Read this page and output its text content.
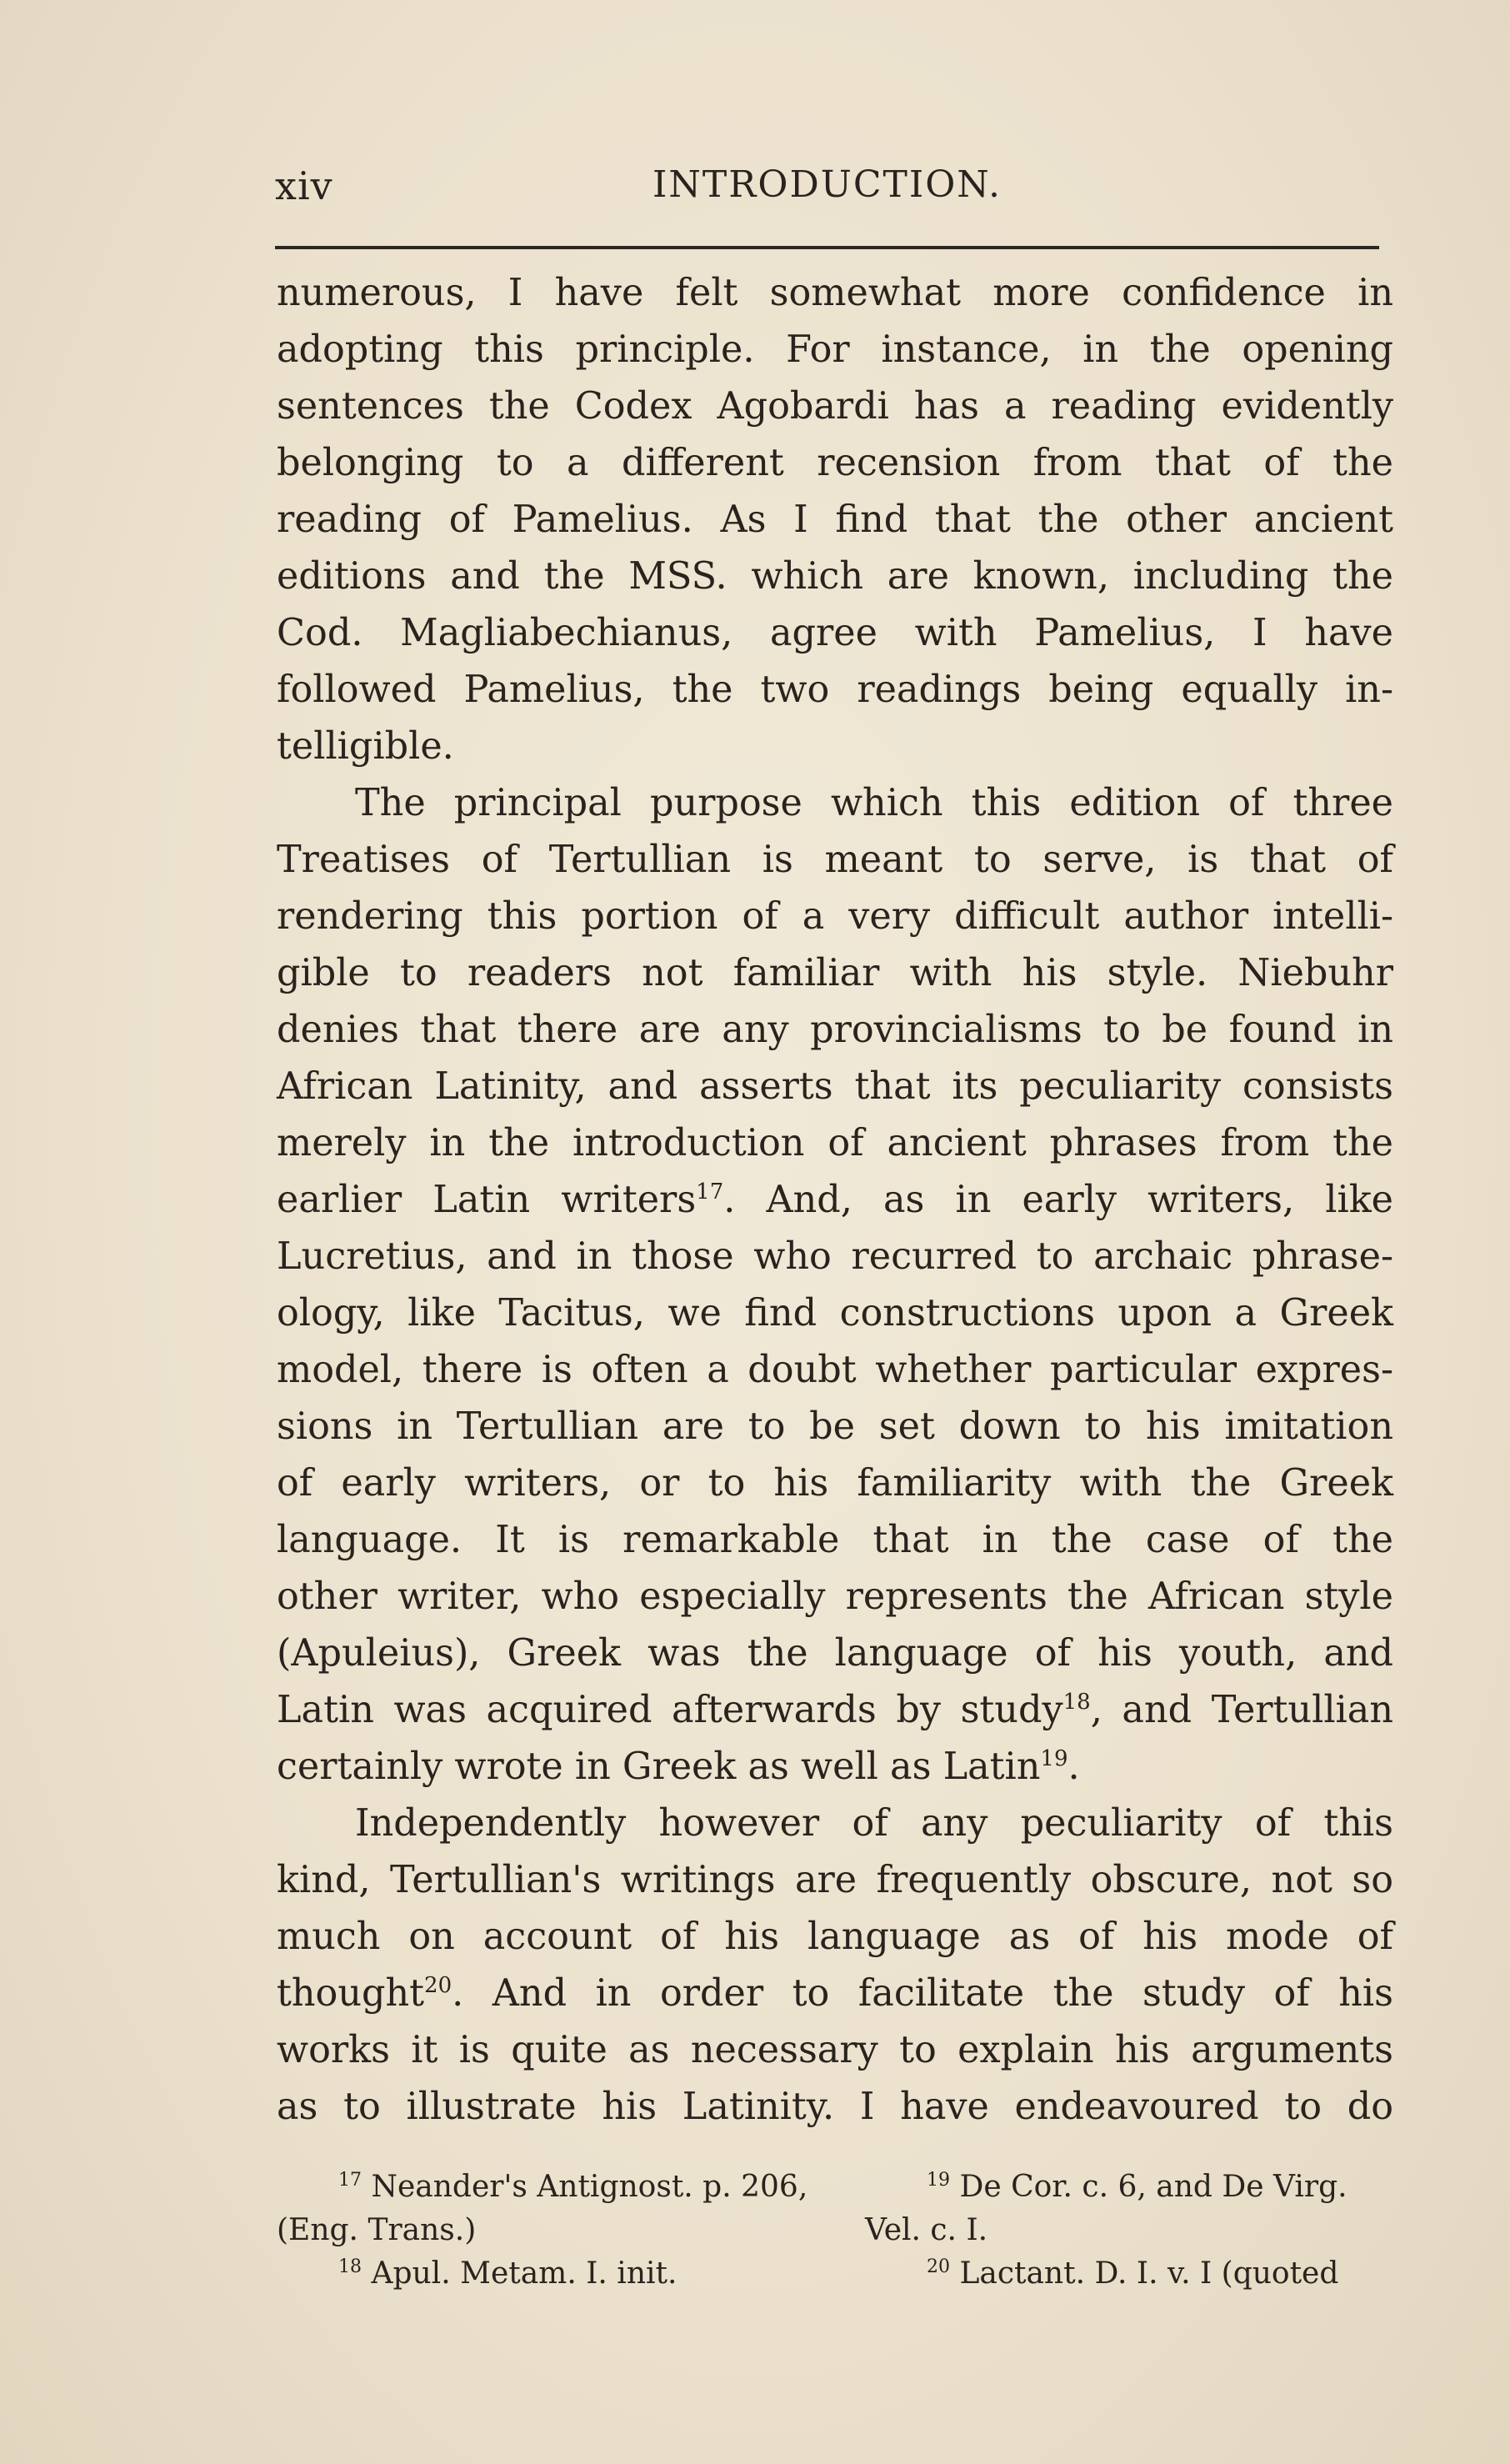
xiv	INTRODUCTION.
numerous, I have felt somewhat more confidence in
adopting this principle. For instance, in the opening
sentences the Codex Agobardi has a reading evidently
belonging to a different recension from that of the
reading of Pamelius. As I find that the other ancient
editions and the MSS. which are known, including the
Cod. Magliabechianus, agree with Pamelius, I have
followed Pamelius, the two readings being equally in-
telligible.
The principal purpose which this edition of three
Treatises of Tertullian is meant to serve, is that of
rendering this portion of a very difficult author intelli-
gible to readers not familiar with his style. Niebuhr
denies that there are any provincialisms to be found in
African Latinity, and asserts that its peculiarity consists
merely in the introduction of ancient phrases from the
earlier Latin writers$^{17}$. And, as in early writers, like
Lucretius, and in those who recurred to archaic phrase-
ology, like Tacitus, we find constructions upon a Greek
model, there is often a doubt whether particular expres-
sions in Tertullian are to be set down to his imitation
of early writers, or to his familiarity with the Greek
language. It is remarkable that in the case of the
other writer, who especially represents the African style
(Apuleius), Greek was the language of his youth, and
Latin was acquired afterwards by study$^{18}$, and Tertullian
certainly wrote in Greek as well as Latin$^{19}$.
Independently however of any peculiarity of this
kind, Tertullian's writings are frequently obscure, not so
much on account of his language as of his mode of
thought$^{20}$. And in order to facilitate the study of his
works it is quite as necessary to explain his arguments
as to illustrate his Latinity. I have endeavoured to do
$^{17}$ Neander's Antignost. p. 206,
(Eng. Trans.)
$^{18}$ Apul. Metam. I. init.
$^{19}$ De Cor. c. 6, and De Virg.
Vel. c. I.
$^{20}$ Lactant. D. I. v. I (quoted
